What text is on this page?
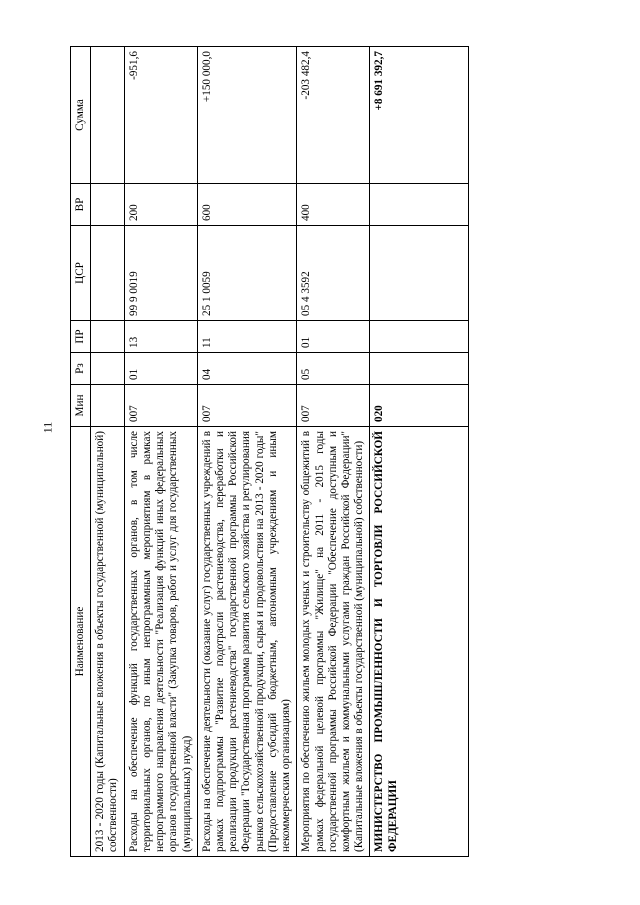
11
Наименование	Мин	Рз	ПР	ЦСР	ВР	Сумма
2013 - 2020 годы (Капитальные вложения в объекты государственной (муниципальной) собственности)						
Расходы на обеспечение функций государственных органов, в том числе территориальных органов, по иным непрограммным мероприятиям в рамках непрограммного направления деятельности "Реализация функций иных федеральных органов государственной власти" (Закупка товаров, работ и услуг для государственных (муниципальных) нужд)	007	01	13	99 9 0019	200	-951,6
Расходы на обеспечение деятельности (оказание услуг) государственных учреждений в рамках подпрограммы "Развитие подотрасли растениеводства, переработки и реализации продукции растениеводства" государственной программы Российской Федерации "Государственная программа развития сельского хозяйства и регулирования рынков сельскохозяйственной продукции, сырья и продовольствия на 2013 - 2020 годы" (Предоставление субсидий бюджетным, автономным учреждениям и иным некоммерческим организациям)	007	04	11	25 1 0059	600	+150 000,0
Мероприятия по обеспечению жильем молодых ученых и строительству общежитий в рамках федеральной целевой программы "Жилище" на 2011 - 2015 годы государственной программы Российской Федерации "Обеспечение доступным и комфортным жильем и коммунальными услугами граждан Российской Федерации" (Капитальные вложения в объекты государственной (муниципальной) собственности)	007	05	01	05 4 3592	400	-203 482,4
МИНИСТЕРСТВО ПРОМЫШЛЕННОСТИ И ТОРГОВЛИ РОССИЙСКОЙ ФЕДЕРАЦИИ	020					+8 691 392,7
